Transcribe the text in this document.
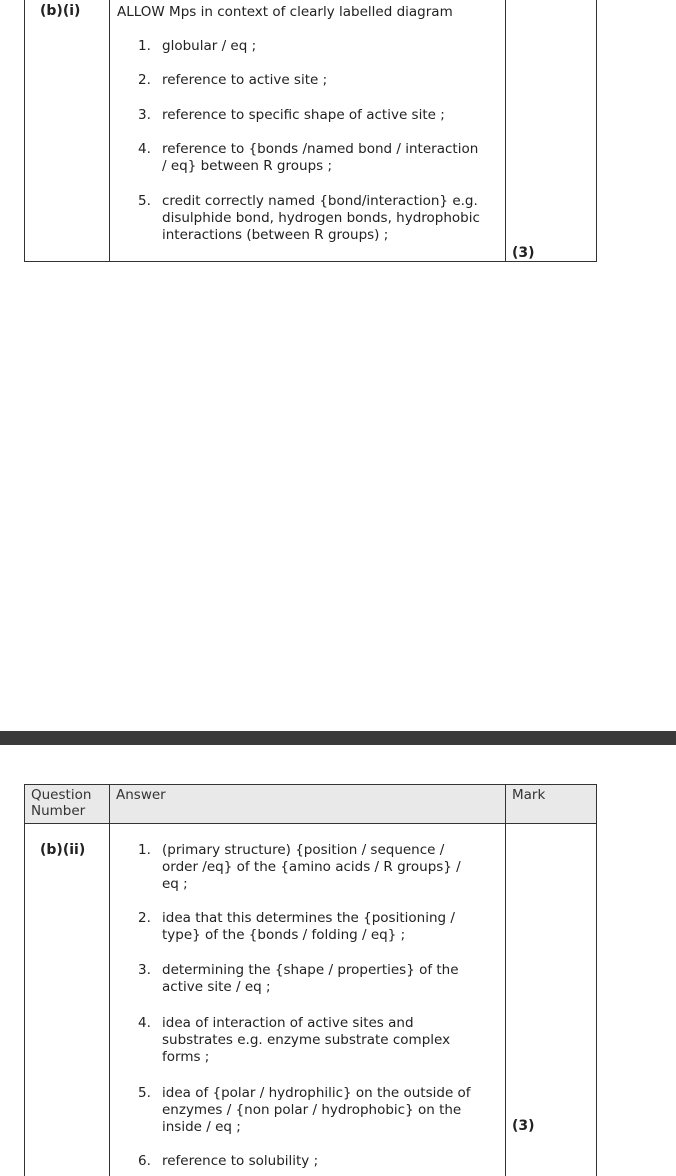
(b)(i)	ALLOW Mps in context of clearly labelled diagram
1. globular / eq ;
2. reference to active site ;
3. reference to specific shape of active site ;
4. reference to {bonds /named bond / interaction
/ eq} between R groups ;
5. credit correctly named {bond/interaction} e.g.
disulphide bond, hydrogen bonds, hydrophobic
interactions (between R groups) ;
(3)
Question
Number
Answer	Mark
(b)(ii)	1. (primary structure) {position / sequence /
order /eq} of the {amino acids / R groups} /
eq ;
2. idea that this determines the {positioning /
type} of the {bonds / folding / eq} ;
3. determining the {shape / properties} of the
active site / eq ;
4. idea of interaction of active sites and
substrates e.g. enzyme substrate complex
forms ;
5. idea of {polar / hydrophilic} on the outside of
enzymes / {non polar / hydrophobic} on the
inside / eq ;
6. reference to solubility ;
(3)
